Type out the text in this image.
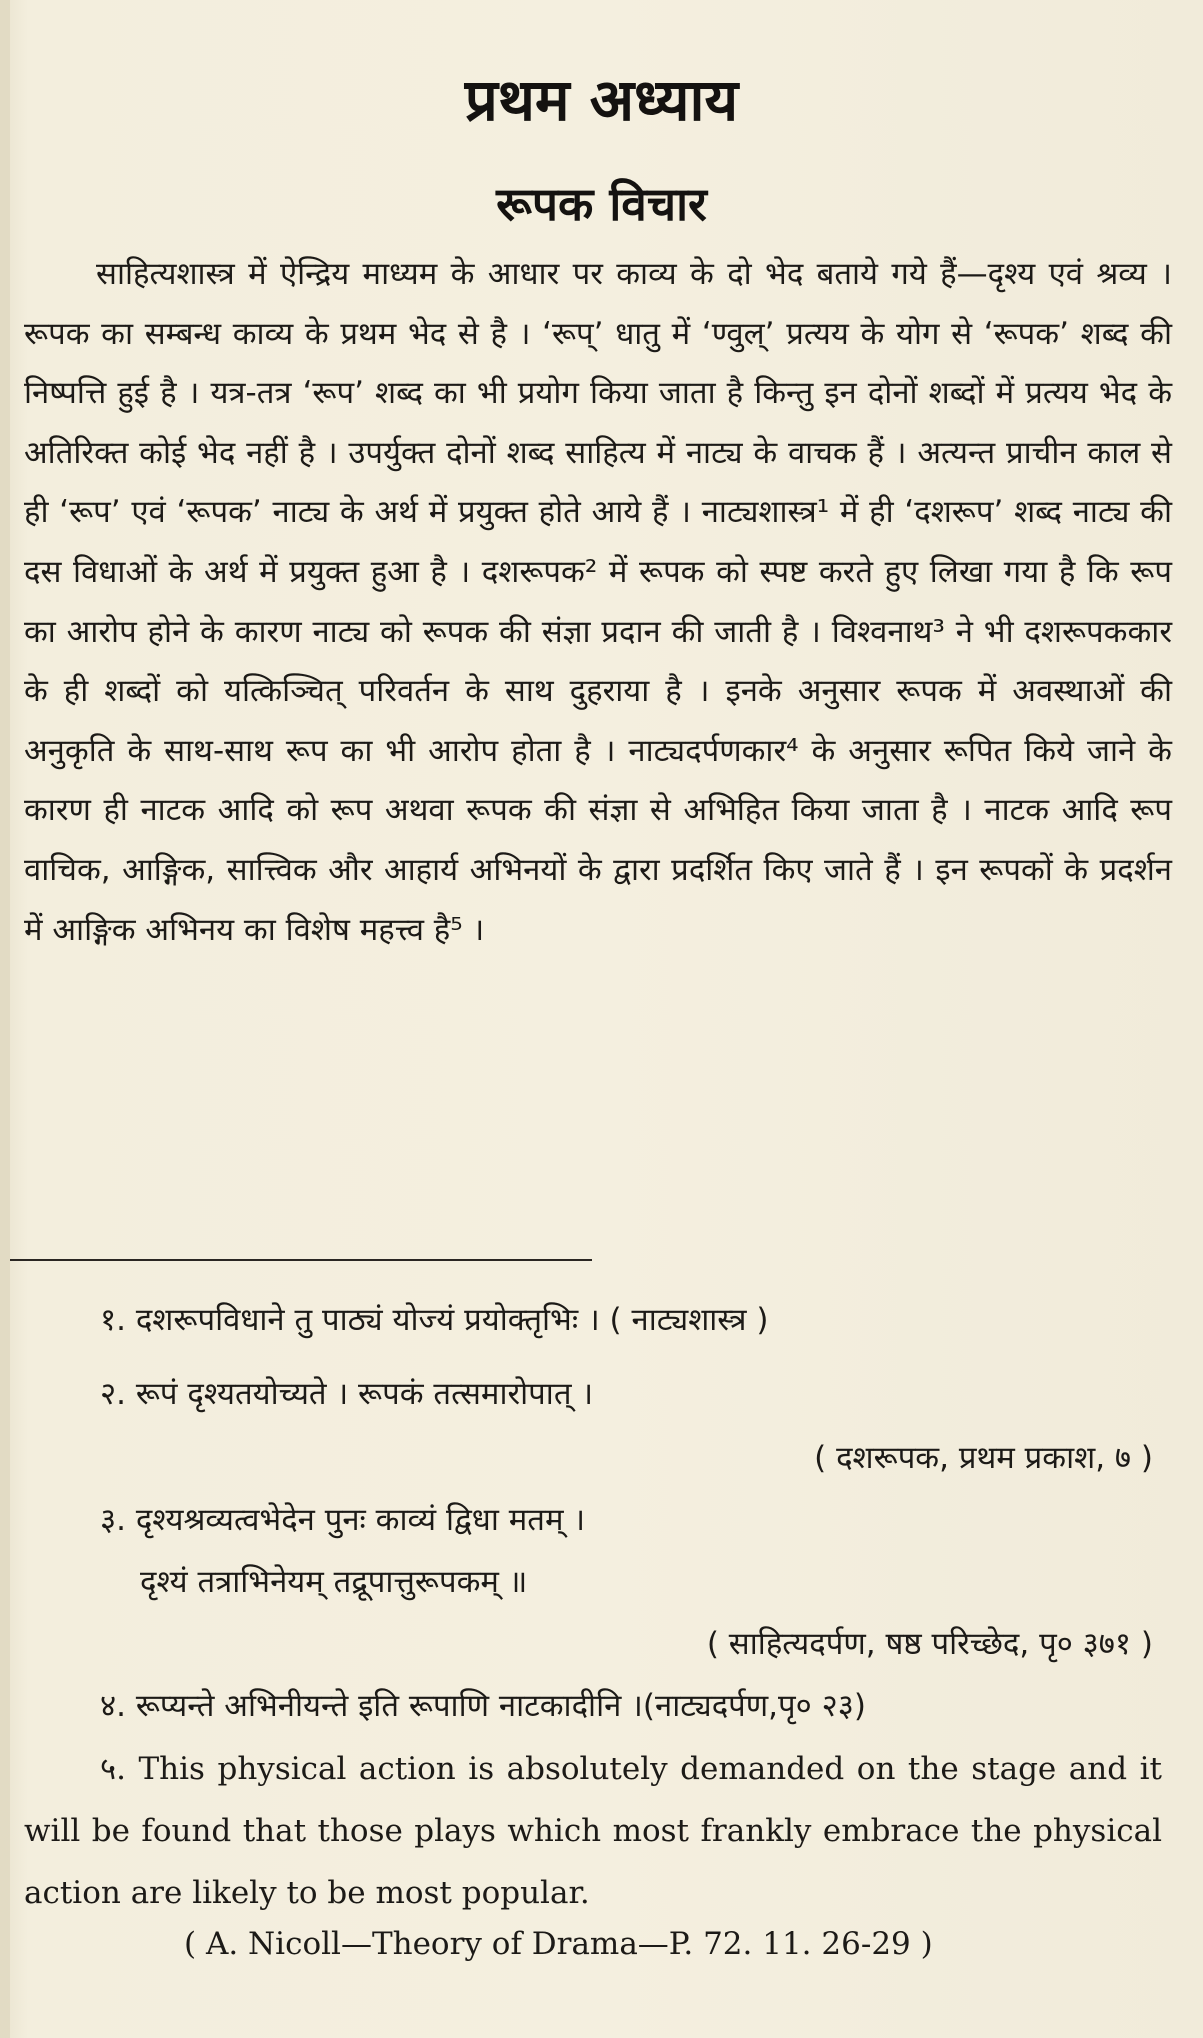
प्रथम अध्याय
रूपक विचार

साहित्यशास्त्र में ऐन्द्रिय माध्यम के आधार पर काव्य के दो भेद बताये गये हैं—दृश्य एवं श्रव्य । रूपक का सम्बन्ध काव्य के प्रथम भेद से है । ‘रूप्’ धातु में ‘ण्वुल्’ प्रत्यय के योग से ‘रूपक’ शब्द की निष्पत्ति हुई है । यत्र-तत्र ‘रूप’ शब्द का भी प्रयोग किया जाता है किन्तु इन दोनों शब्दों में प्रत्यय भेद के अतिरिक्त कोई भेद नहीं है । उपर्युक्त दोनों शब्द साहित्य में नाट्य के वाचक हैं । अत्यन्त प्राचीन काल से ही ‘रूप’ एवं ‘रूपक’ नाट्य के अर्थ में प्रयुक्त होते आये हैं । नाट्यशास्त्र¹ में ही ‘दशरूप’ शब्द नाट्य की दस विधाओं के अर्थ में प्रयुक्त हुआ है । दशरूपक² में रूपक को स्पष्ट करते हुए लिखा गया है कि रूप का आरोप होने के कारण नाट्य को रूपक की संज्ञा प्रदान की जाती है । विश्वनाथ³ ने भी दशरूपककार के ही शब्दों को यत्किञ्चित् परिवर्तन के साथ दुहराया है । इनके अनुसार रूपक में अवस्थाओं की अनुकृति के साथ-साथ रूप का भी आरोप होता है । नाट्यदर्पणकार⁴ के अनुसार रूपित किये जाने के कारण ही नाटक आदि को रूप अथवा रूपक की संज्ञा से अभिहित किया जाता है । नाटक आदि रूप वाचिक, आङ्गिक, सात्त्विक और आहार्य अभिनयों के द्वारा प्रदर्शित किए जाते हैं । इन रूपकों के प्रदर्शन में आङ्गिक अभिनय का विशेष महत्त्व है⁵ ।

१. दशरूपविधाने तु पाठ्यं योज्यं प्रयोक्तृभिः । ( नाट्यशास्त्र )

२. रूपं दृश्यतयोच्यते । रूपकं तत्समारोपात् ।

( दशरूपक, प्रथम प्रकाश, ७ )

३. दृश्यश्रव्यत्वभेदेन पुनः काव्यं द्विधा मतम् ।

दृश्यं तत्राभिनेयम् तद्रूपात्तुरूपकम् ॥

( साहित्यदर्पण, षष्ठ परिच्छेद, पृ० ३७१ )

४. रूप्यन्ते अभिनीयन्ते इति रूपाणि नाटकादीनि ।(नाट्यदर्पण,पृ० २३)

५. This physical action is absolutely demanded on the stage and it will be found that those plays which most frankly embrace the physical action are likely to be most popular.

( A. Nicoll—Theory of Drama—P. 72. 11. 26-29 )
